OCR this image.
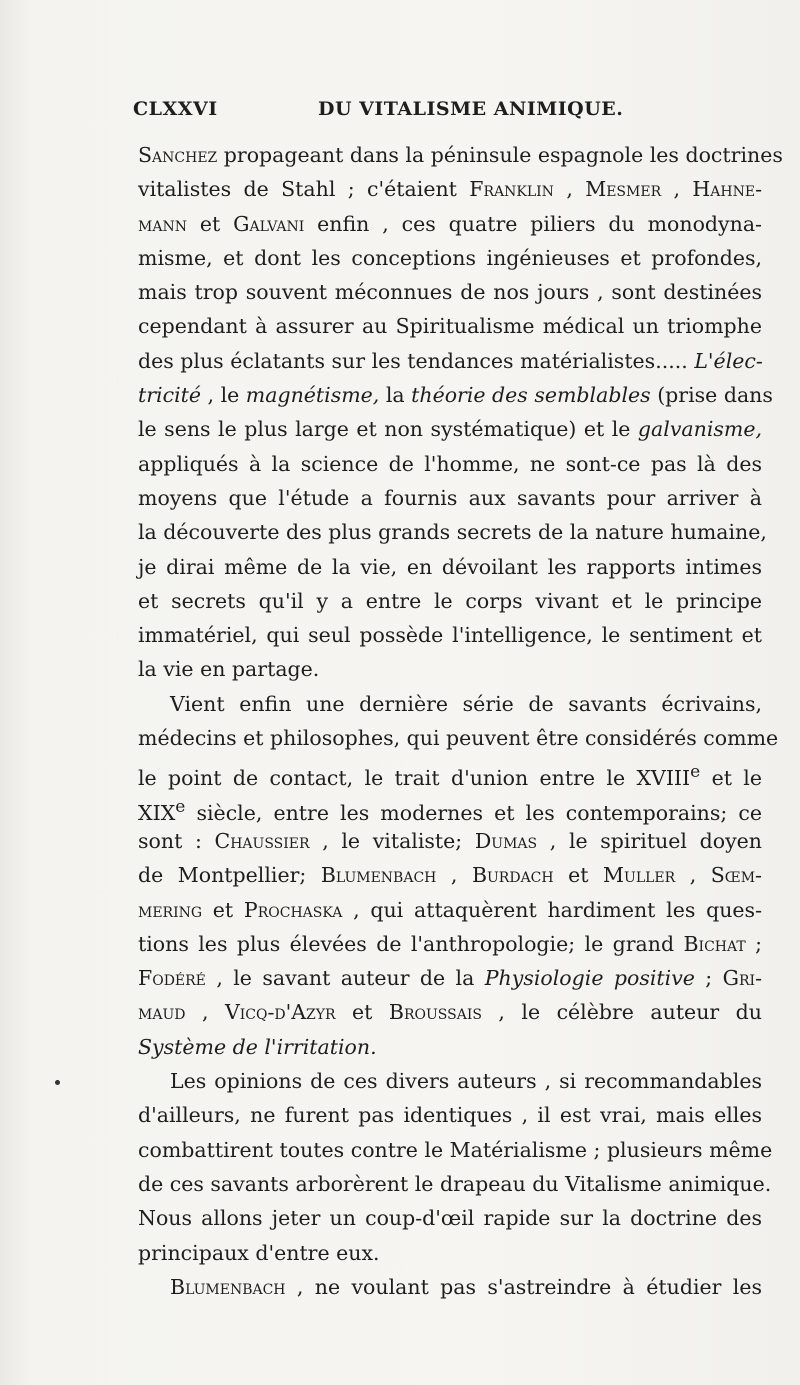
CLXXVI	DU VITALISME ANIMIQUE.
Sanchez propageant dans la péninsule espagnole les doctrines
vitalistes de Stahl ; c'étaient Franklin , Mesmer , Hahne-
mann et Galvani enfin , ces quatre piliers du monodyna-
misme, et dont les conceptions ingénieuses et profondes,
mais trop souvent méconnues de nos jours , sont destinées
cependant à assurer au Spiritualisme médical un triomphe
des plus éclatants sur les tendances matérialistes..... L'élec-
tricité , le magnétisme, la théorie des semblables (prise dans
le sens le plus large et non systématique) et le galvanisme,
appliqués à la science de l'homme, ne sont-ce pas là des
moyens que l'étude a fournis aux savants pour arriver à
la découverte des plus grands secrets de la nature humaine,
je dirai même de la vie, en dévoilant les rapports intimes
et secrets qu'il y a entre le corps vivant et le principe
immatériel, qui seul possède l'intelligence, le sentiment et
la vie en partage.
Vient enfin une dernière série de savants écrivains,
médecins et philosophes, qui peuvent être considérés comme
le point de contact, le trait d'union entre le XVIIIe et le
XIXe siècle, entre les modernes et les contemporains; ce
sont : Chaussier , le vitaliste; Dumas , le spirituel doyen
de Montpellier; Blumenbach , Burdach et Muller , Sœm-
mering et Prochaska , qui attaquèrent hardiment les ques-
tions les plus élevées de l'anthropologie; le grand Bichat ;
Fodéré , le savant auteur de la Physiologie positive ; Gri-
maud , Vicq-d'Azyr et Broussais , le célèbre auteur du
Système de l'irritation.
Les opinions de ces divers auteurs , si recommandables
d'ailleurs, ne furent pas identiques , il est vrai, mais elles
combattirent toutes contre le Matérialisme ; plusieurs même
de ces savants arborèrent le drapeau du Vitalisme animique.
Nous allons jeter un coup-d'œil rapide sur la doctrine des
principaux d'entre eux.
Blumenbach , ne voulant pas s'astreindre à étudier les
